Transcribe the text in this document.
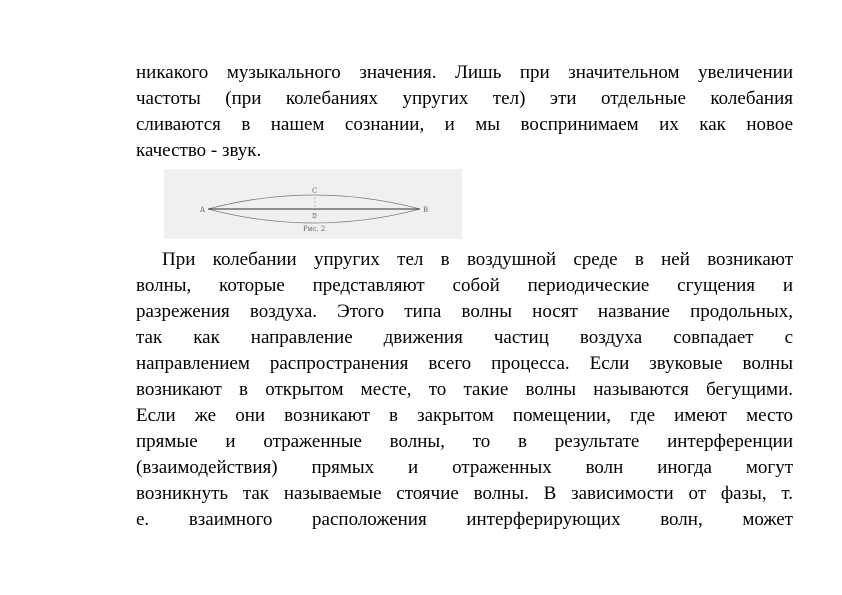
никакого музыкального значения. Лишь при значительном увеличении
частоты (при колебаниях упругих тел) эти отдельные колебания
сливаются в нашем сознании, и мы воспринимаем их как новое
качество - звук.
A	B
C
D
Рис. 2
При колебании упругих тел в воздушной среде в ней возникают
волны, которые представляют собой периодические сгущения и
разрежения воздуха. Этого типа волны носят название продольных,
так как направление движения частиц воздуха совпадает с
направлением распространения всего процесса. Если звуковые волны
возникают в открытом месте, то такие волны называются бегущими.
Если же они возникают в закрытом помещении, где имеют место
прямые и отраженные волны, то в результате интерференции
(взаимодействия) прямых и отраженных волн иногда могут
возникнуть так называемые стоячие волны. В зависимости от фазы, т.
е. взаимного расположения интерферирующих волн, может
